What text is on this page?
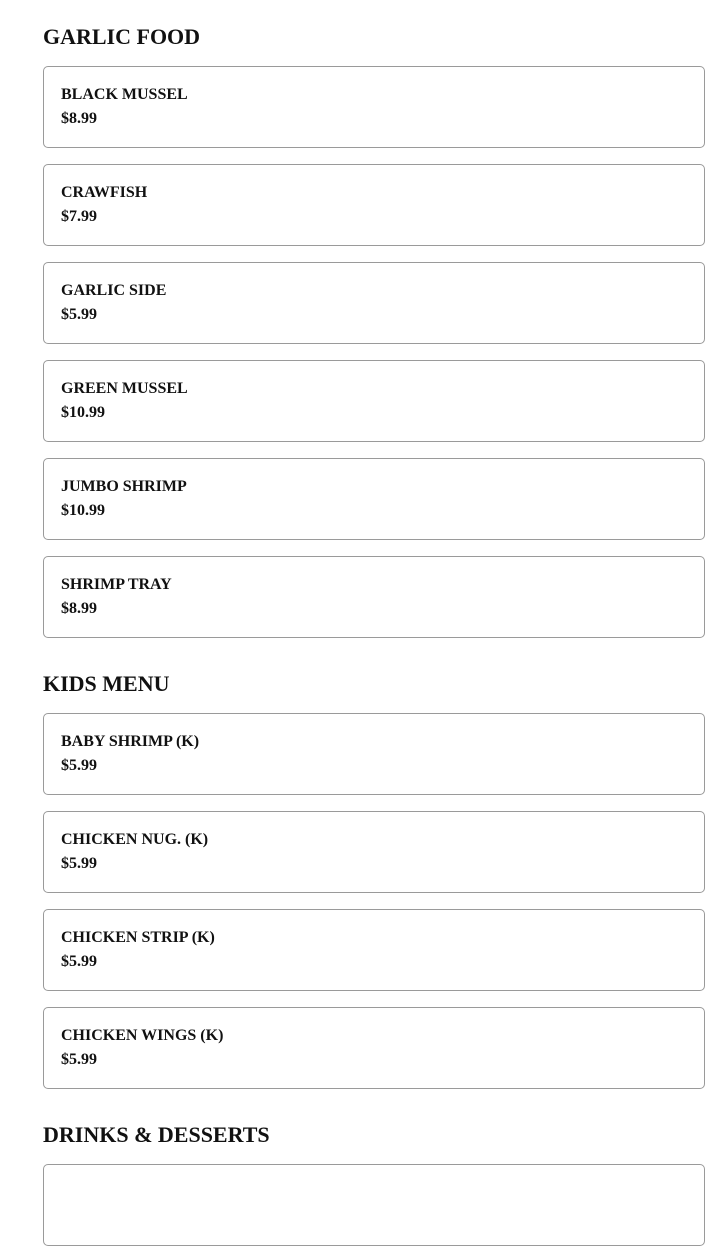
GARLIC FOOD
BLACK MUSSEL
$8.99
CRAWFISH
$7.99
GARLIC SIDE
$5.99
GREEN MUSSEL
$10.99
JUMBO SHRIMP
$10.99
SHRIMP TRAY
$8.99
KIDS MENU
BABY SHRIMP (K)
$5.99
CHICKEN NUG. (K)
$5.99
CHICKEN STRIP (K)
$5.99
CHICKEN WINGS (K)
$5.99
DRINKS & DESSERTS
